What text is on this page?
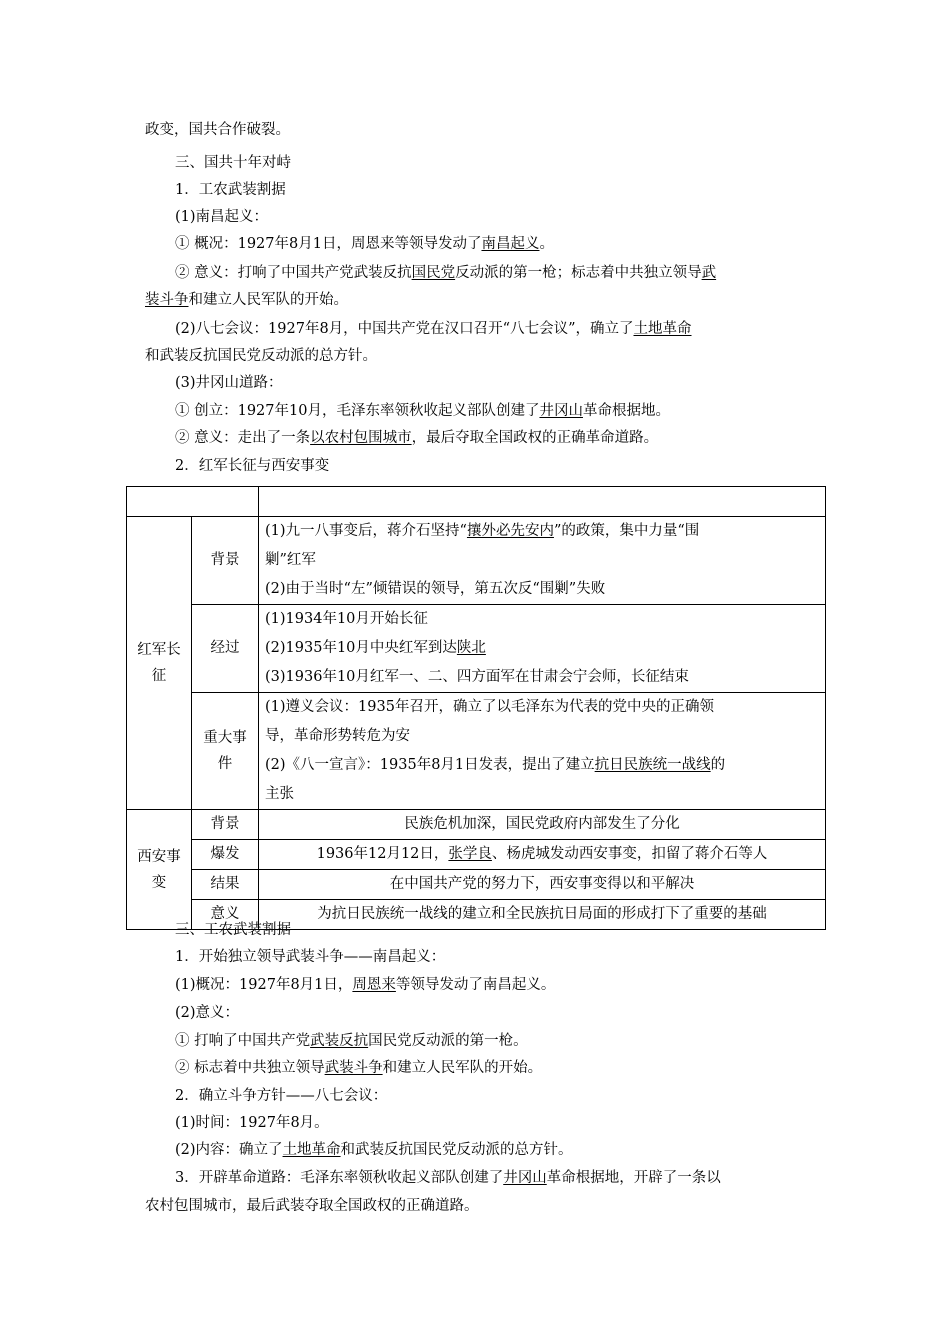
政变，国共合作破裂。
三、国共十年对峙
1．工农武装割据
(1)南昌起义：
① 概况：1927年8月1日，周恩来等领导发动了南昌起义。
② 意义：打响了中国共产党武装反抗国民党反动派的第一枪；标志着中共独立领导武
装斗争和建立人民军队的开始。
(2)八七会议：1927年8月，中国共产党在汉口召开“八七会议”，确立了土地革命
和武装反抗国民党反动派的总方针。
(3)井冈山道路：
① 创立：1927年10月，毛泽东率领秋收起义部队创建了井冈山革命根据地。
② 意义：走出了一条以农村包围城市，最后夺取全国政权的正确革命道路。
2．红军长征与西安事变

红军长征	背景	(1)九一八事变后，蒋介石坚持“攘外必先安内”的政策，集中力量“围
剿”红军
(2)由于当时“左”倾错误的领导，第五次反“围剿”失败

	经过	(1)1934年10月开始长征
(2)1935年10月中央红军到达陕北
(3)1936年10月红军一、二、四方面军在甘肃会宁会师，长征结束

	重大事件	(1)遵义会议：1935年召开，确立了以毛泽东为代表的党中央的正确领
导，革命形势转危为安
(2)《八一宣言》：1935年8月1日发表，提出了建立抗日民族统一战线的
主张

西安事变	背景	民族危机加深，国民党政府内部发生了分化
	爆发	1936年12月12日，张学良、杨虎城发动西安事变，扣留了蒋介石等人
	结果	在中国共产党的努力下，西安事变得以和平解决
	意义	为抗日民族统一战线的建立和全民族抗日局面的形成打下了重要的基础
三、工农武装割据
1．开始独立领导武装斗争——南昌起义：
(1)概况：1927年8月1日，周恩来等领导发动了南昌起义。
(2)意义：
① 打响了中国共产党武装反抗国民党反动派的第一枪。
② 标志着中共独立领导武装斗争和建立人民军队的开始。
2．确立斗争方针——八七会议：
(1)时间：1927年8月。
(2)内容：确立了土地革命和武装反抗国民党反动派的总方针。
3．开辟革命道路：毛泽东率领秋收起义部队创建了井冈山革命根据地，开辟了一条以
农村包围城市，最后武装夺取全国政权的正确道路。
